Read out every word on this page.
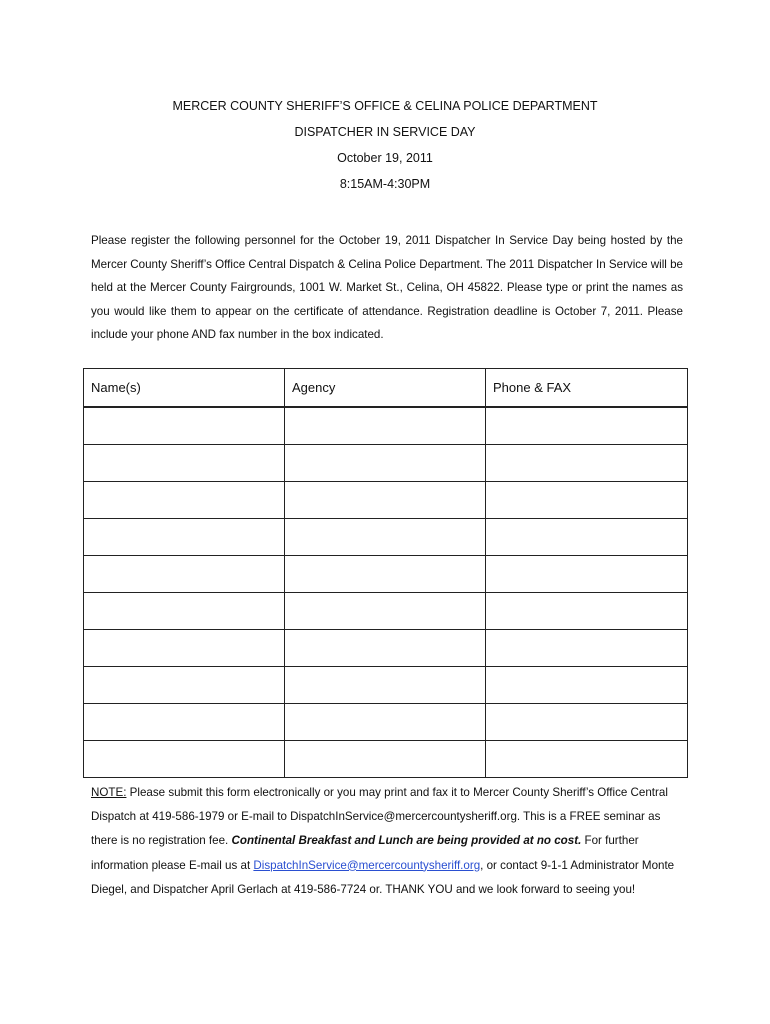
MERCER COUNTY SHERIFF’S OFFICE & CELINA POLICE DEPARTMENT
DISPATCHER IN SERVICE DAY
October 19, 2011
8:15AM-4:30PM
Please register the following personnel for the October 19, 2011 Dispatcher In Service Day being hosted by the Mercer County Sheriff’s Office Central Dispatch & Celina Police Department. The 2011 Dispatcher In Service will be held at the Mercer County Fairgrounds, 1001 W. Market St., Celina, OH 45822. Please type or print the names as you would like them to appear on the certificate of attendance. Registration deadline is October 7, 2011. Please include your phone AND fax number in the box indicated.
Name(s)	Agency	Phone & FAX

NOTE: Please submit this form electronically or you may print and fax it to Mercer County Sheriff’s Office Central Dispatch at 419-586-1979 or E-mail to DispatchInService@mercercountysheriff.org. This is a FREE seminar as there is no registration fee. Continental Breakfast and Lunch are being provided at no cost. For further information please E-mail us at DispatchInService@mercercountysheriff.org, or contact 9-1-1 Administrator Monte Diegel, and Dispatcher April Gerlach at 419-586-7724 or. THANK YOU and we look forward to seeing you!
